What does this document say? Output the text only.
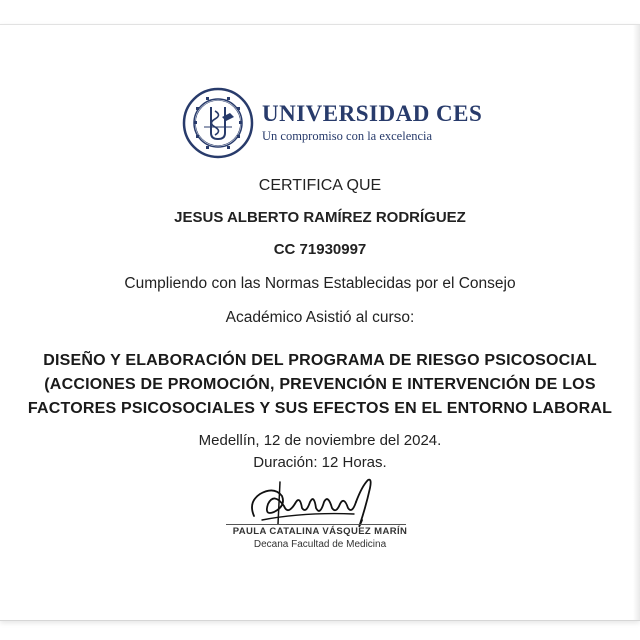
UNIVERSIDAD CES
Un compromiso con la excelencia
CERTIFICA QUE
JESUS ALBERTO RAMÍREZ RODRÍGUEZ
CC 71930997
Cumpliendo con las Normas Establecidas por el Consejo
Académico Asistió al curso:
DISEÑO Y ELABORACIÓN DEL PROGRAMA DE RIESGO PSICOSOCIAL
(ACCIONES DE PROMOCIÓN, PREVENCIÓN E INTERVENCIÓN DE LOS
FACTORES PSICOSOCIALES Y SUS EFECTOS EN EL ENTORNO LABORAL
Medellín, 12 de noviembre del 2024.
Duración: 12 Horas.
PAULA CATALINA VÁSQUEZ MARÍN
Decana Facultad de Medicina
